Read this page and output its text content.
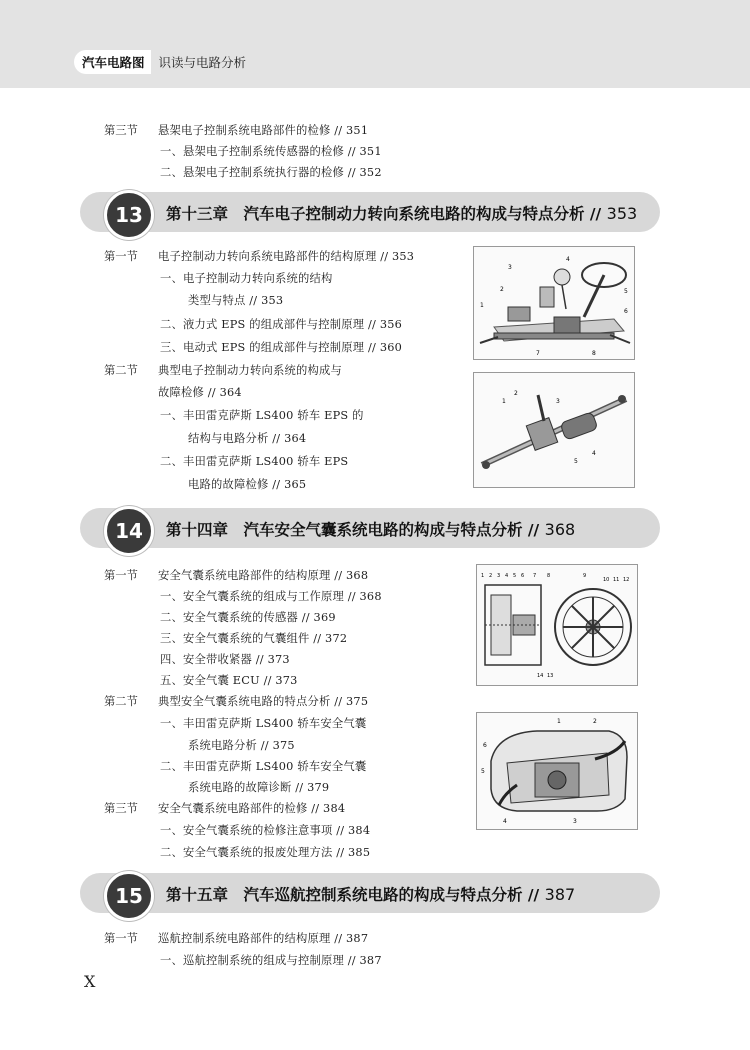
汽车电路图	识读与电路分析
第三节 悬架电子控制系统电路部件的检修 // 351
一、悬架电子控制系统传感器的检修 // 351
二、悬架电子控制系统执行器的检修 // 352
13	第十三章　汽车电子控制动力转向系统电路的构成与特点分析 // 353
第一节 电子控制动力转向系统电路部件的结构原理 // 353
一、电子控制动力转向系统的结构
类型与特点 // 353
二、液力式 EPS 的组成部件与控制原理 // 356
三、电动式 EPS 的组成部件与控制原理 // 360
第二节 典型电子控制动力转向系统的构成与
故障检修 // 364
一、丰田雷克萨斯 LS400 轿车 EPS 的
结构与电路分析 // 364
二、丰田雷克萨斯 LS400 轿车 EPS
电路的故障检修 // 365
3
4
1
2	5
6
7	8
1
2
3
4
5
14	第十四章　汽车安全气囊系统电路的构成与特点分析 // 368
第一节 安全气囊系统电路部件的结构原理 // 368
一、安全气囊系统的组成与工作原理 // 368
二、安全气囊系统的传感器 // 369
三、安全气囊系统的气囊组件 // 372
四、安全带收紧器 // 373
五、安全气囊 ECU // 373
第二节 典型安全气囊系统电路的特点分析 // 375
一、丰田雷克萨斯 LS400 轿车安全气囊
系统电路分析 // 375
二、丰田雷克萨斯 LS400 轿车安全气囊
系统电路的故障诊断 // 379
第三节 安全气囊系统电路部件的检修 // 384
一、安全气囊系统的检修注意事项 // 384
二、安全气囊系统的报废处理方法 // 385
1 2 3 4 5 6 7 8	9
10 11 12
13
14
6
5
1	2
3
4
15	第十五章　汽车巡航控制系统电路的构成与特点分析 // 387
第一节 巡航控制系统电路部件的结构原理 // 387
一、巡航控制系统的组成与控制原理 // 387
X
